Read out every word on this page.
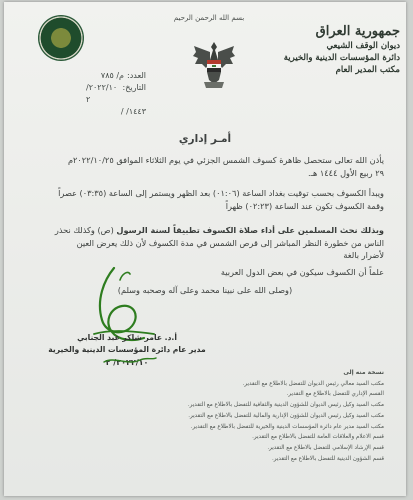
بسم الله الرحمن الرحيم
جمهورية العراق
ديوان الوقف الشيعي
دائرة المؤسسات الدينية والخيرية
مكتب المدير العام
العدد:
م/ ٧٨٥
التاريخ:
٢٠٢٢/١٠/ ٢
١٤٤٣/ /
أمـر إداري
يأذن الله تعالى ستحصل ظاهرة كسوف الشمس الجزئي في يوم الثلاثاء الموافق ٢٠٢٢/١٠/٢٥م
٢٩ ربيع الأول ١٤٤٤ هـ.
ويبدأ الكسوف بحسب توقيت بغداد الساعة (٠١:٠٦) بعد الظهر ويستمر إلى الساعة (٠٣:٣٥) عصراً
وقمة الكسوف تكون عند الساعة (٠٢:٢٣) ظهراً
وبذلك نحث المسلمين على أداء صلاة الكسوف تطبيقاً لسنة الرسول (ص) وكذلك نحذر الناس من خطورة النظر المباشر إلى قرص الشمس في مدة الكسوف لأن ذلك يعرض العين لأضرار بالغة
علماً أن الكسوف سيكون في بعض الدول العربية
(وصلى الله على نبينا محمد وعلى آله وصحبه وسلم)
أ.د. عامر شاكر عبد الجنابي
مدير عام دائرة المؤسسات الدينية والخيرية
٢٠٢٢/١٠/ ٢
نسخة منه إلى
مكتب السيد معالي رئيس الديوان للتفضل بالاطلاع مع التقدير.
القسم الإداري للتفضل بالاطلاع مع التقدير.
مكتب السيد وكيل رئيس الديوان للشؤون الدينية والثقافية للتفضل بالاطلاع مع التقدير.
مكتب السيد وكيل رئيس الديوان للشؤون الإدارية والمالية للتفضل بالاطلاع مع التقدير.
مكتب السيد مدير عام دائرة المؤسسات الدينية والخيرية للتفضل بالاطلاع مع التقدير.
قسم الاعلام والعلاقات العامة للتفضل بالاطلاع مع التقدير.
قسم الإرشاد الإسلامي للتفضل بالاطلاع مع التقدير.
قسم الشؤون الدينية للتفضل بالاطلاع مع التقدير.
